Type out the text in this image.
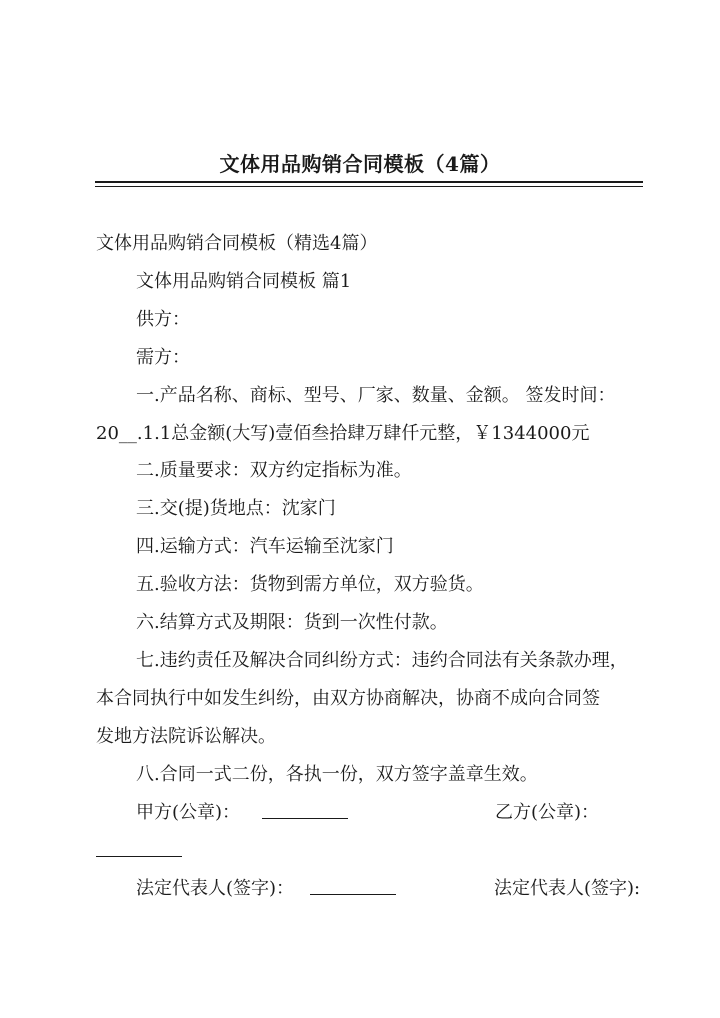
文体用品购销合同模板（4篇）
文体用品购销合同模板（精选4篇）
文体用品购销合同模板 篇1
供方：
需方：
一.产品名称、商标、型号、厂家、数量、金额。 签发时间：
20__.1.1总金额(大写)壹佰叁拾肆万肆仟元整，￥1344000元
二.质量要求：双方约定指标为准。
三.交(提)货地点：沈家门
四.运输方式：汽车运输至沈家门
五.验收方法：货物到需方单位，双方验货。
六.结算方式及期限：货到一次性付款。
七.违约责任及解决合同纠纷方式：违约合同法有关条款办理，
本合同执行中如发生纠纷，由双方协商解决，协商不成向合同签
发地方法院诉讼解决。
八.合同一式二份，各执一份，双方签字盖章生效。
甲方(公章)：	乙方(公章)：
法定代表人(签字)：	法定代表人(签字):
